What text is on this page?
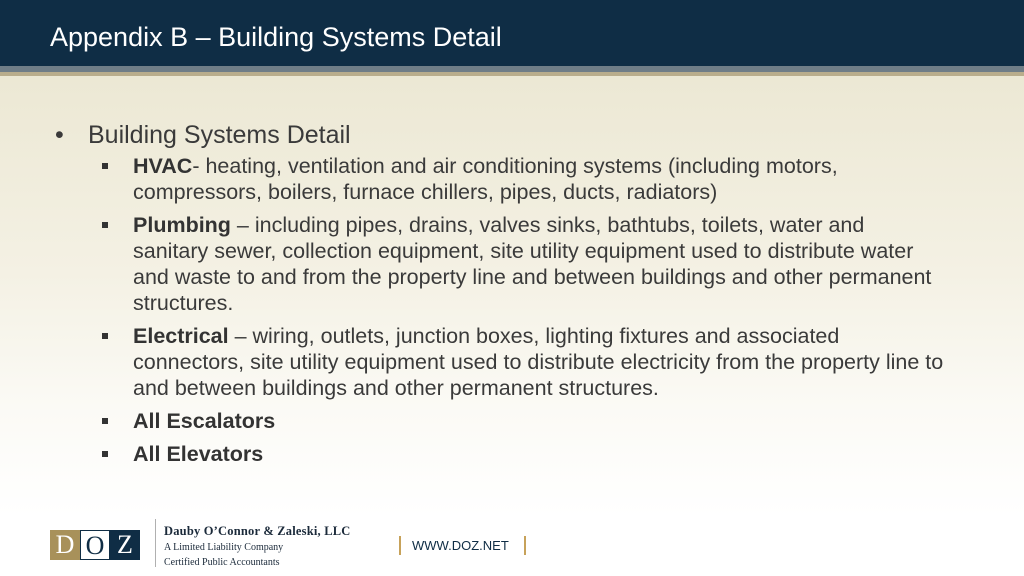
Appendix B – Building Systems Detail
• Building Systems Detail
HVAC- heating, ventilation and air conditioning systems (including motors, compressors, boilers, furnace chillers, pipes, ducts, radiators)
Plumbing – including pipes, drains, valves sinks, bathtubs, toilets, water and sanitary sewer, collection equipment, site utility equipment used to distribute water and waste to and from the property line and between buildings and other permanent structures.
Electrical – wiring, outlets, junction boxes, lighting fixtures and associated connectors, site utility equipment used to distribute electricity from the property line to and between buildings and other permanent structures.
All Escalators
All Elevators
D O Z	Dauby O’Connor & Zaleski, LLC
A Limited Liability Company
Certified Public Accountants
WWW.DOZ.NET
